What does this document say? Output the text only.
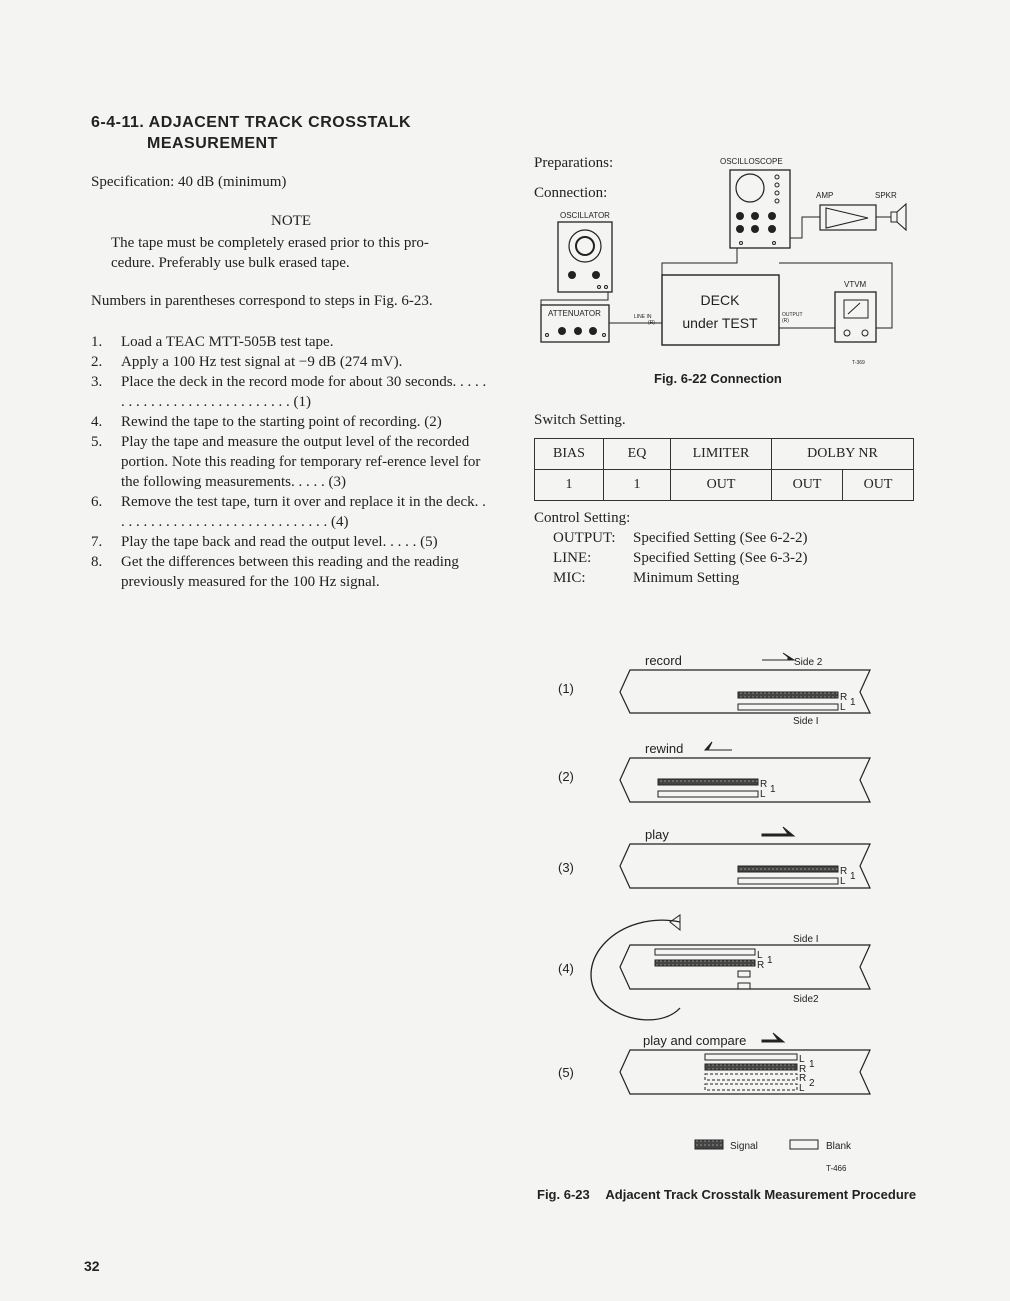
6-4-11. ADJACENT TRACK CROSSTALK
MEASUREMENT
Specification: 40 dB (minimum)
NOTE
The tape must be completely erased prior to this pro-
cedure. Preferably use bulk erased tape.
Numbers in parentheses correspond to steps in Fig. 6-23.
1.	Load a TEAC MTT-505B test tape.
2.	Apply a 100 Hz test signal at −9 dB (274 mV).
3.	Place the deck in the record mode for about 30 seconds. . . . . . . . . . . . . . . . . . . . . . . . . . . . (1)
4.	Rewind the tape to the starting point of recording. (2)
5.	Play the tape and measure the output level of the recorded portion. Note this reading for temporary ref-erence level for the following measurements. . . . . (3)
6.	Remove the test tape, turn it over and replace it in the deck. . . . . . . . . . . . . . . . . . . . . . . . . . . . . . (4)
7.	Play the tape back and read the output level. . . . . (5)
8.	Get the differences between this reading and the reading previously measured for the 100 Hz signal.
Preparations:
Connection:
OSCILLOSCOPE
AMP	SPKR
OSCILLATOR
ATTENUATOR	LINE IN
(R)
DECK
under TEST	OUTPUT
(R)
VTVM
T-369
Fig. 6-22 Connection
Switch Setting.
BIAS	EQ	LIMITER	DOLBY NR	
1	1	OUT	OUT	OUT
Control Setting:
OUTPUT: Specified Setting (See 6-2-2)
LINE:	Specified Setting (See 6-3-2)
MIC:	Minimum Setting
(1)
record	Side 2
R
L 1
Side I
(2)
rewind
R
L 1
(3)
play
R
L 1
(4)
Side I
L
R 1
Side2
(5)
play and compare
L
R 1
R
L 2
Signal	Blank
T-466
Fig. 6-23 Adjacent Track Crosstalk Measurement Procedure
32
